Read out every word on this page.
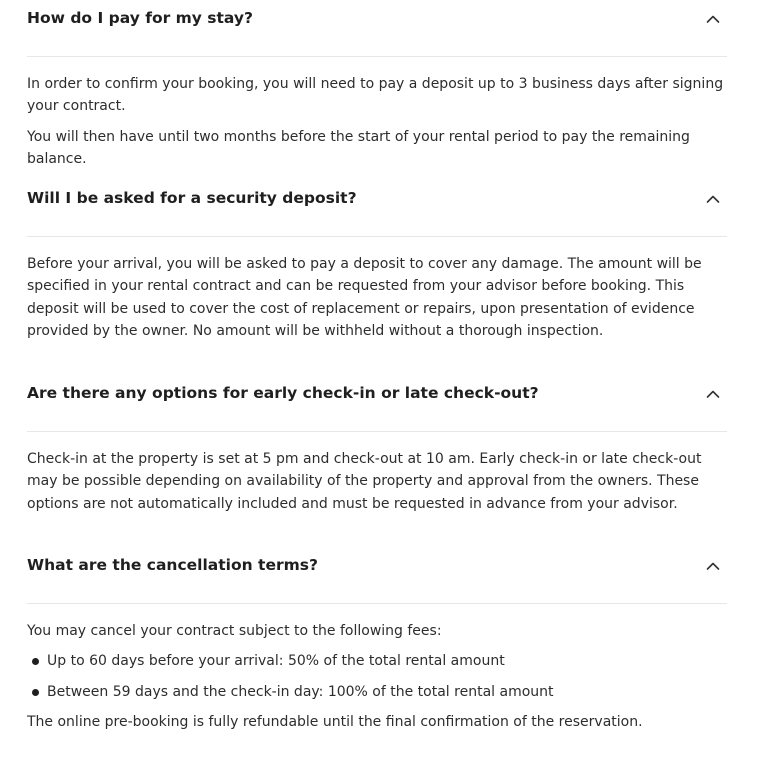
How do I pay for my stay?

In order to confirm your booking, you will need to pay a deposit up to 3 business days after signing your contract.

You will then have until two months before the start of your rental period to pay the remaining balance.

Will I be asked for a security deposit?

Before your arrival, you will be asked to pay a deposit to cover any damage. The amount will be specified in your rental contract and can be requested from your advisor before booking. This deposit will be used to cover the cost of replacement or repairs, upon presentation of evidence provided by the owner. No amount will be withheld without a thorough inspection.

Are there any options for early check-in or late check-out?

Check-in at the property is set at 5 pm and check-out at 10 am. Early check-in or late check-out may be possible depending on availability of the property and approval from the owners. These options are not automatically included and must be requested in advance from your advisor.

What are the cancellation terms?

You may cancel your contract subject to the following fees:

Up to 60 days before your arrival: 50% of the total rental amount
Between 59 days and the check-in day: 100% of the total rental amount

The online pre-booking is fully refundable until the final confirmation of the reservation.
